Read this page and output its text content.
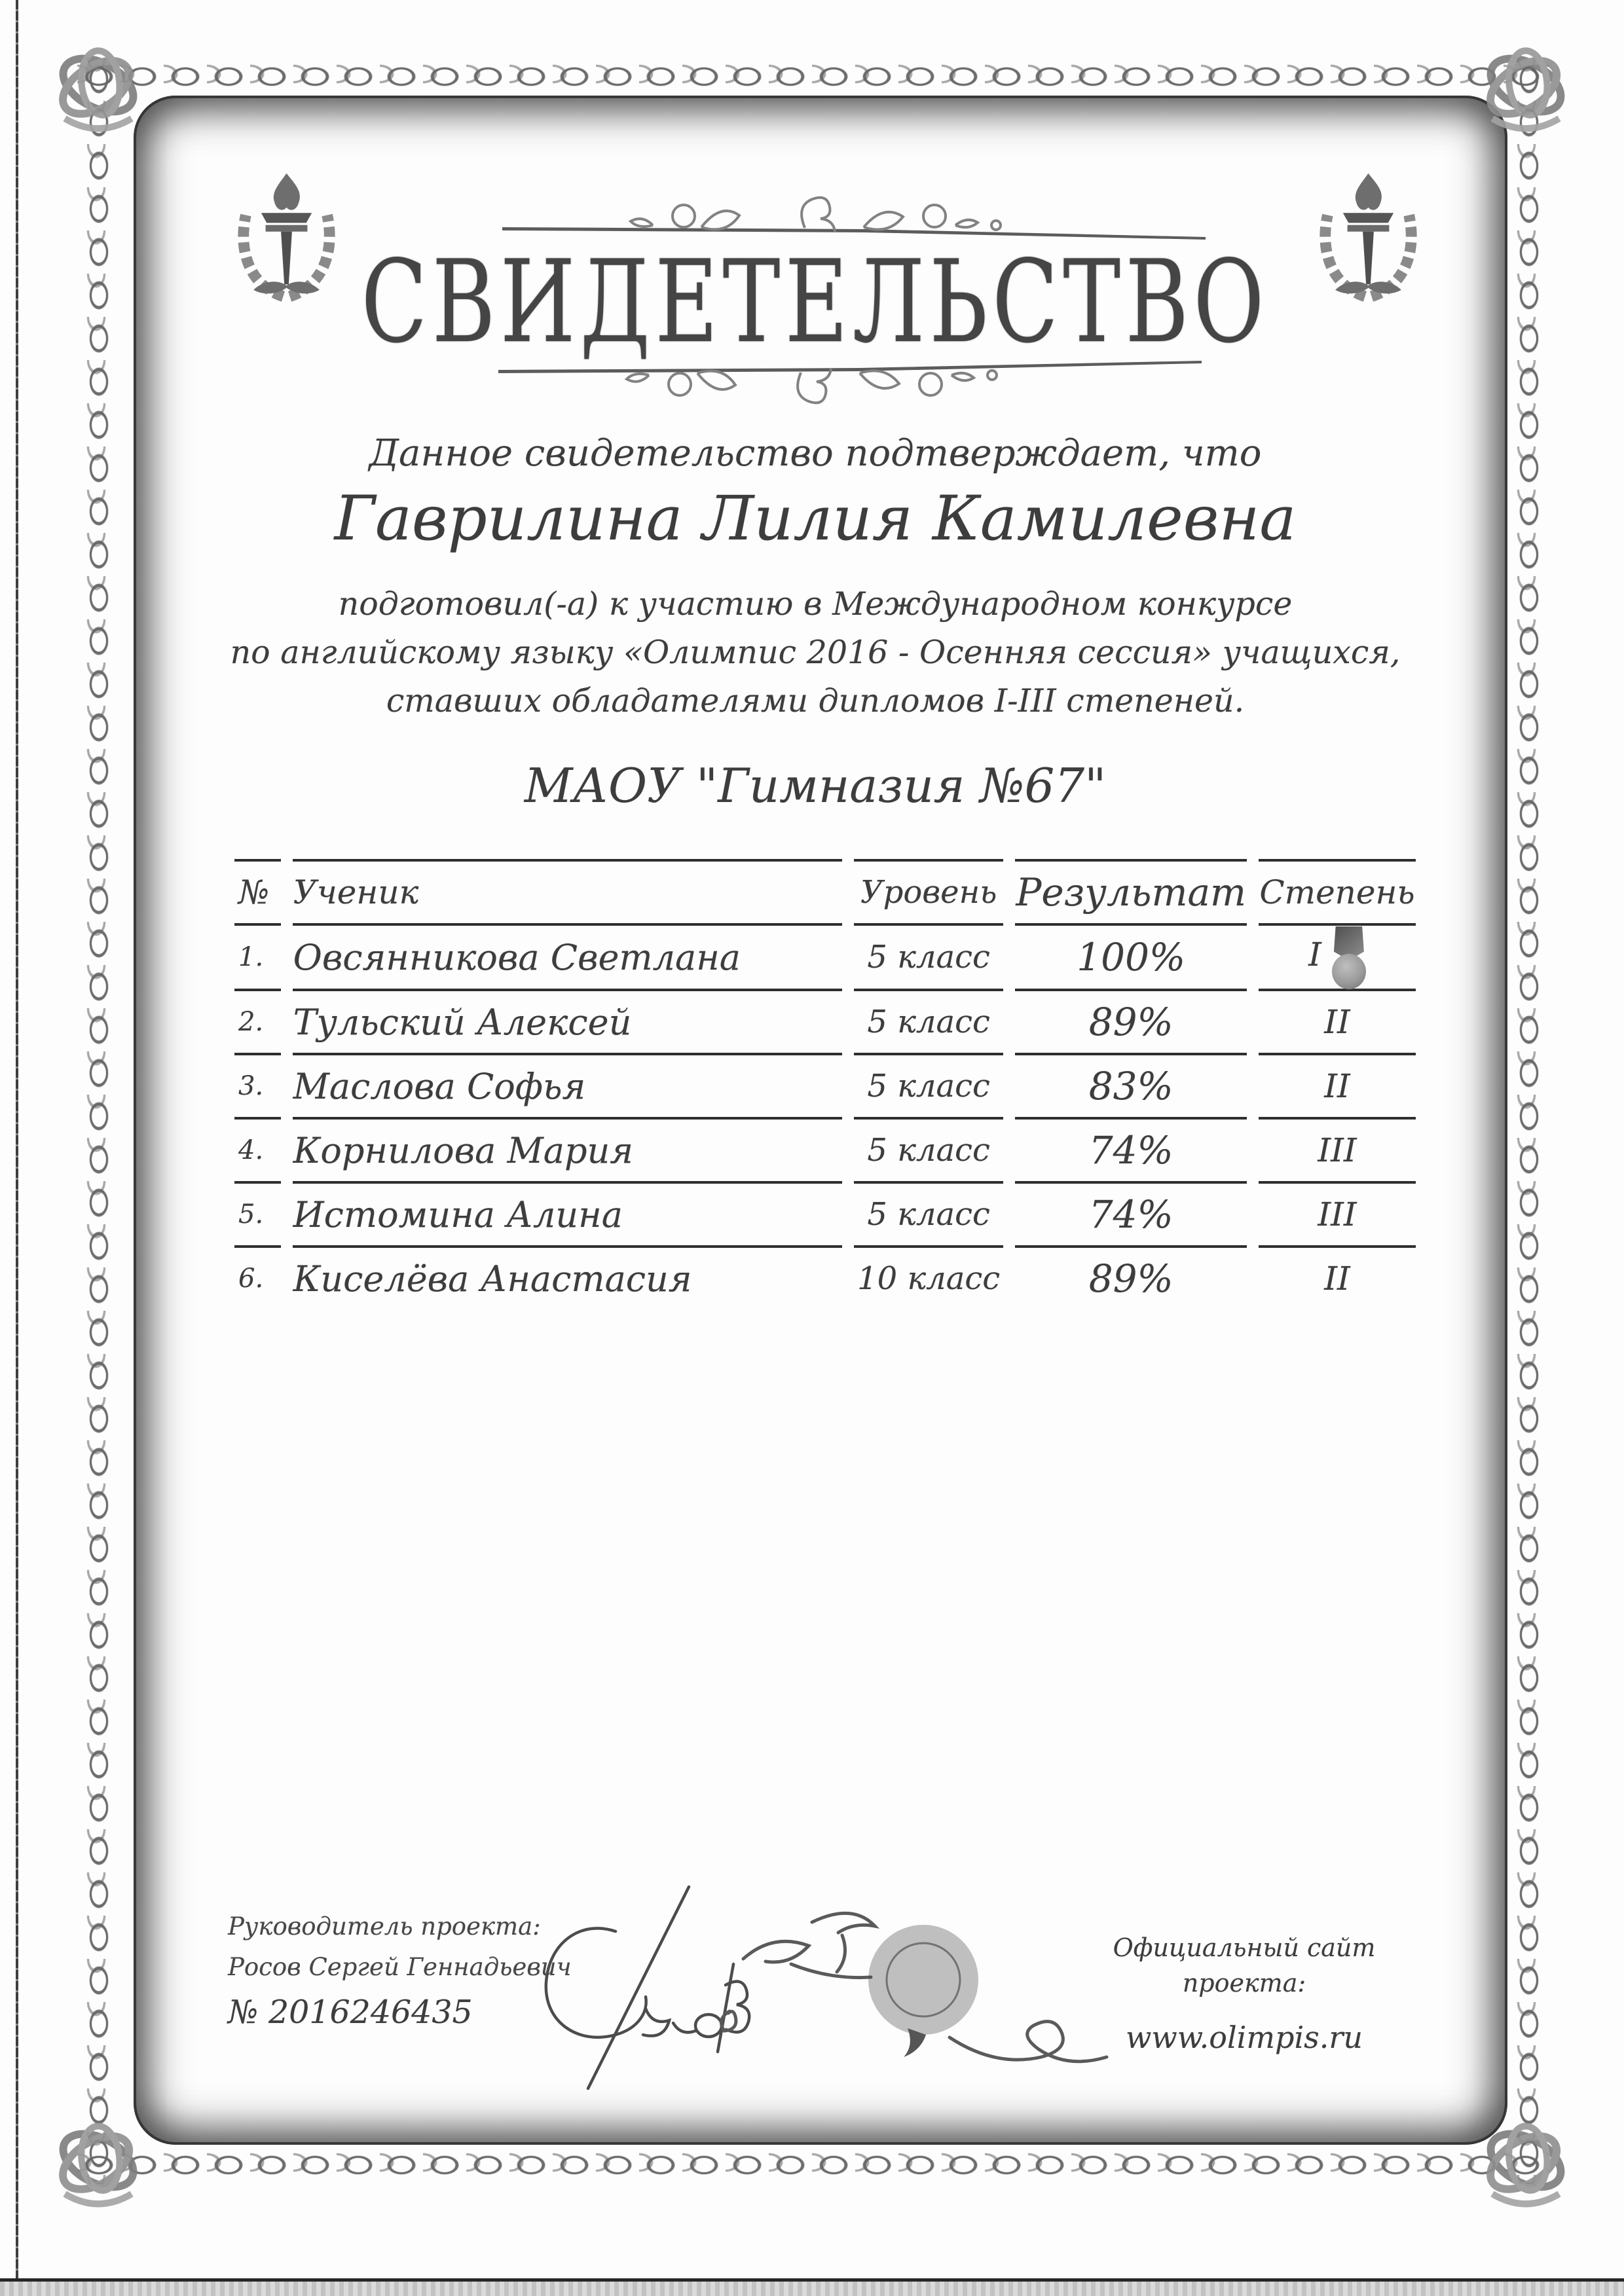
СВИДЕТЕЛЬСТВО
Данное свидетельство подтверждает, что
Гаврилина Лилия Камилевна
подготовил(-а) к участию в Международном конкурсе
по английскому языку «Олимпис 2016 - Осенняя сессия» учащихся,
ставших обладателями дипломов I-III степеней.
МАОУ "Гимназия №67"
№	Ученик	Уровень	Результат	Степень
1.	Овсянникова Светлана	5 класс	100%	I
2.	Тульский Алексей	5 класс	89%	II
3.	Маслова Софья	5 класс	83%	II
4.	Корнилова Мария	5 класс	74%	III
5.	Истомина Алина	5 класс	74%	III
6.	Киселёва Анастасия	10 класс	89%	II
Руководитель проекта:
Росов Сергей Геннадьевич
№ 2016246435
Официальный сайт проекта:
www.olimpis.ru
